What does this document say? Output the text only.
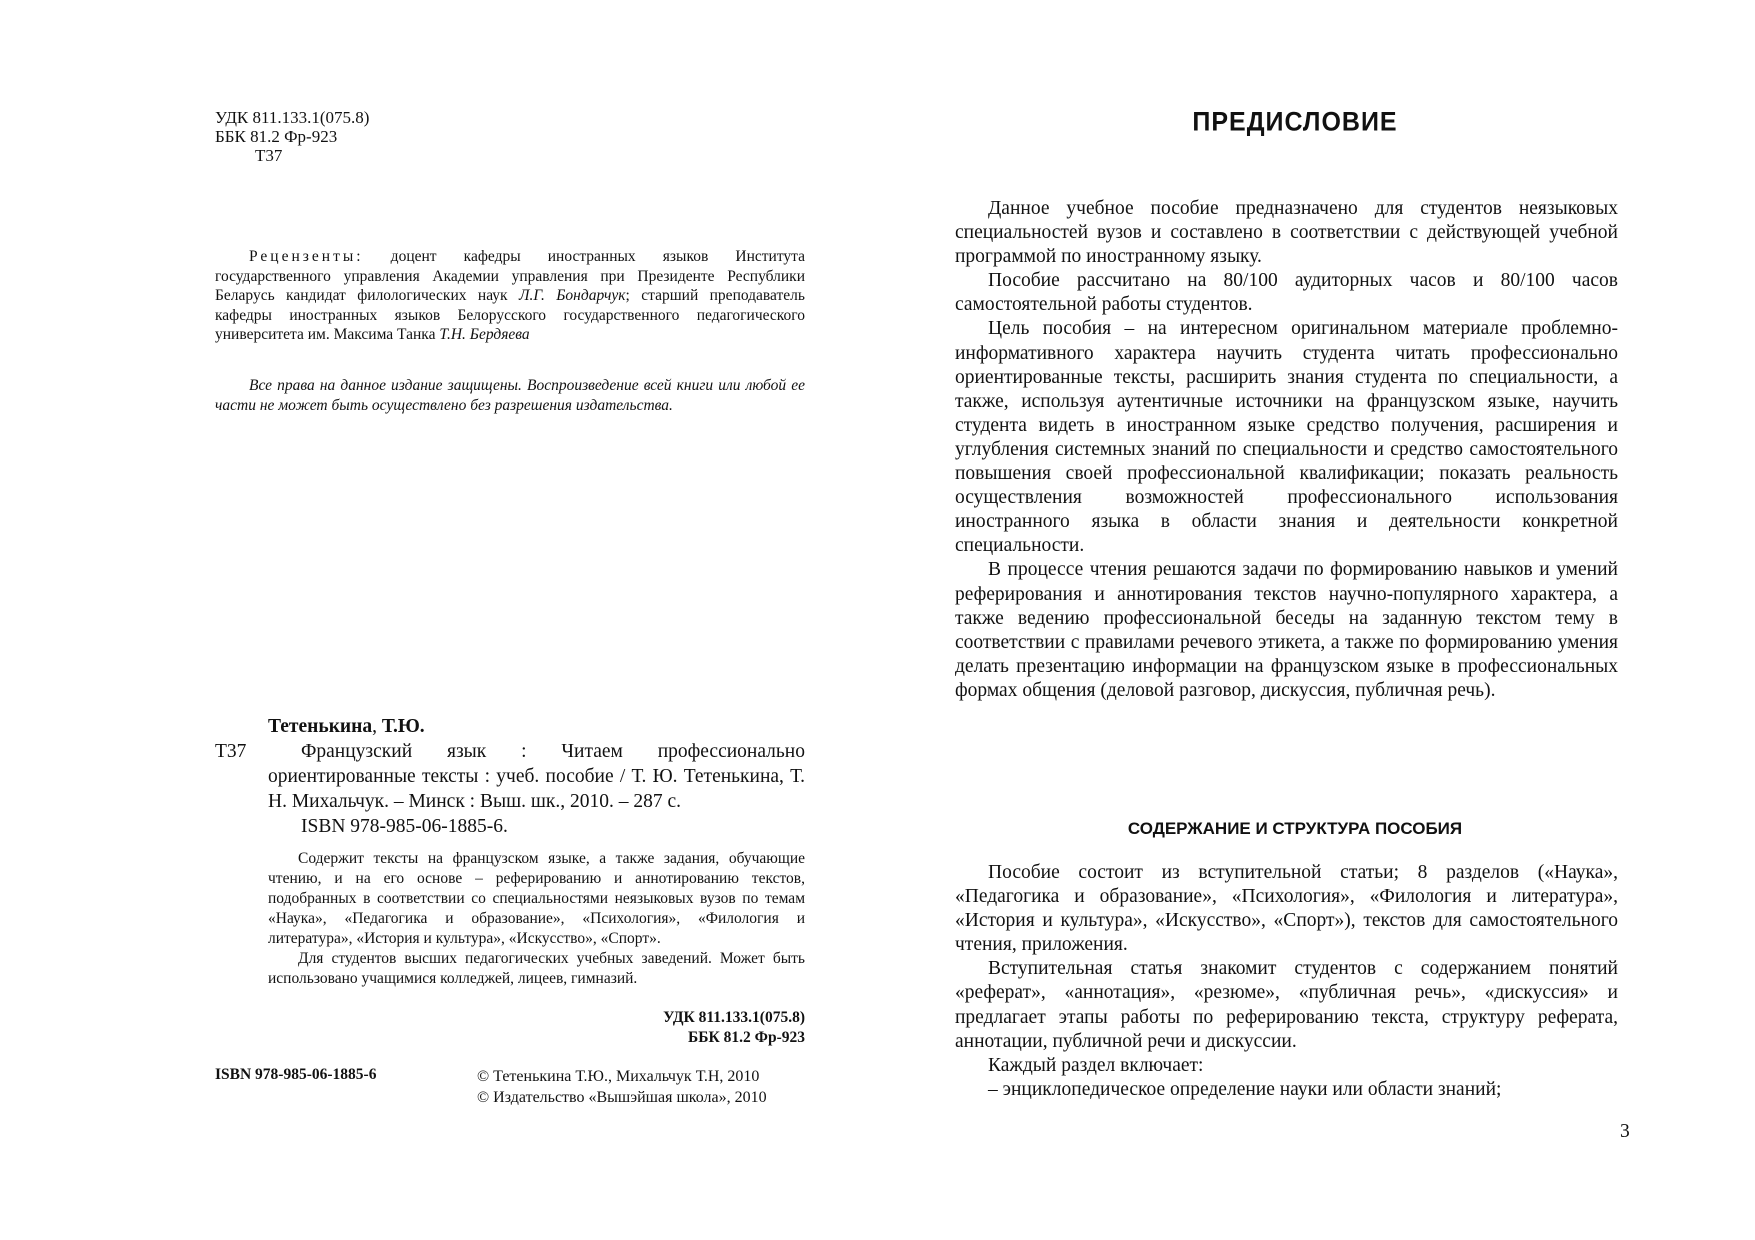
УДК 811.133.1(075.8)
ББК 81.2 Фр-923
Т37
Рецензенты: доцент кафедры иностранных языков Института государственного управления Академии управления при Президенте Республики Беларусь кандидат филологических наук Л.Г. Бондарчук; старший преподаватель кафедры иностранных языков Белорусского государственного педагогического университета им. Максима Танка Т.Н. Бердяева
Все права на данное издание защищены. Воспроизведение всей книги или любой ее части не может быть осуществлено без разрешения издательства.
Тетенькина, Т.Ю.
Т37	Французский язык : Читаем профессионально ориентированные тексты : учеб. пособие / Т. Ю. Тетенькина, Т. Н. Михальчук. – Минск : Выш. шк., 2010. – 287 с.
ISBN 978-985-06-1885-6.

Содержит тексты на французском языке, а также задания, обучающие чтению, и на его основе – реферированию и аннотированию текстов, подобранных в соответствии со специальностями неязыковых вузов по темам «Наука», «Педагогика и образование», «Психология», «Филология и литература», «История и культура», «Искусство», «Спорт».

Для студентов высших педагогических учебных заведений. Может быть использовано учащимися колледжей, лицеев, гимназий.

УДК 811.133.1(075.8)
ББК 81.2 Фр-923
ISBN 978-985-06-1885-6	© Тетенькина Т.Ю., Михальчук Т.Н, 2010
© Издательство «Вышэйшая школа», 2010
ПРЕДИСЛОВИЕ

Данное учебное пособие предназначено для студентов неязыковых специальностей вузов и составлено в соответствии с действующей учебной программой по иностранному языку.

Пособие рассчитано на 80/100 аудиторных часов и 80/100 часов самостоятельной работы студентов.

Цель пособия – на интересном оригинальном материале проблемно-информативного характера научить студента читать профессионально ориентированные тексты, расширить знания студента по специальности, а также, используя аутентичные источники на французском языке, научить студента видеть в иностранном языке средство получения, расширения и углубления системных знаний по специальности и средство самостоятельного повышения своей профессиональной квалификации; показать реальность осуществления возможностей профессионального использования иностранного языка в области знания и деятельности конкретной специальности.

В процессе чтения решаются задачи по формированию навыков и умений реферирования и аннотирования текстов научно-популярного характера, а также ведению профессиональной беседы на заданную текстом тему в соответствии с правилами речевого этикета, а также по формированию умения делать презентацию информации на французском языке в профессиональных формах общения (деловой разговор, дискуссия, публичная речь).

СОДЕРЖАНИЕ И СТРУКТУРА ПОСОБИЯ

Пособие состоит из вступительной статьи; 8 разделов («Наука», «Педагогика и образование», «Психология», «Филология и литература», «История и культура», «Искусство», «Спорт»), текстов для самостоятельного чтения, приложения.

Вступительная статья знакомит студентов с содержанием понятий «реферат», «аннотация», «резюме», «публичная речь», «дискуссия» и предлагает этапы работы по реферированию текста, структуру реферата, аннотации, публичной речи и дискуссии.

Каждый раздел включает:

– энциклопедическое определение науки или области знаний;

3
